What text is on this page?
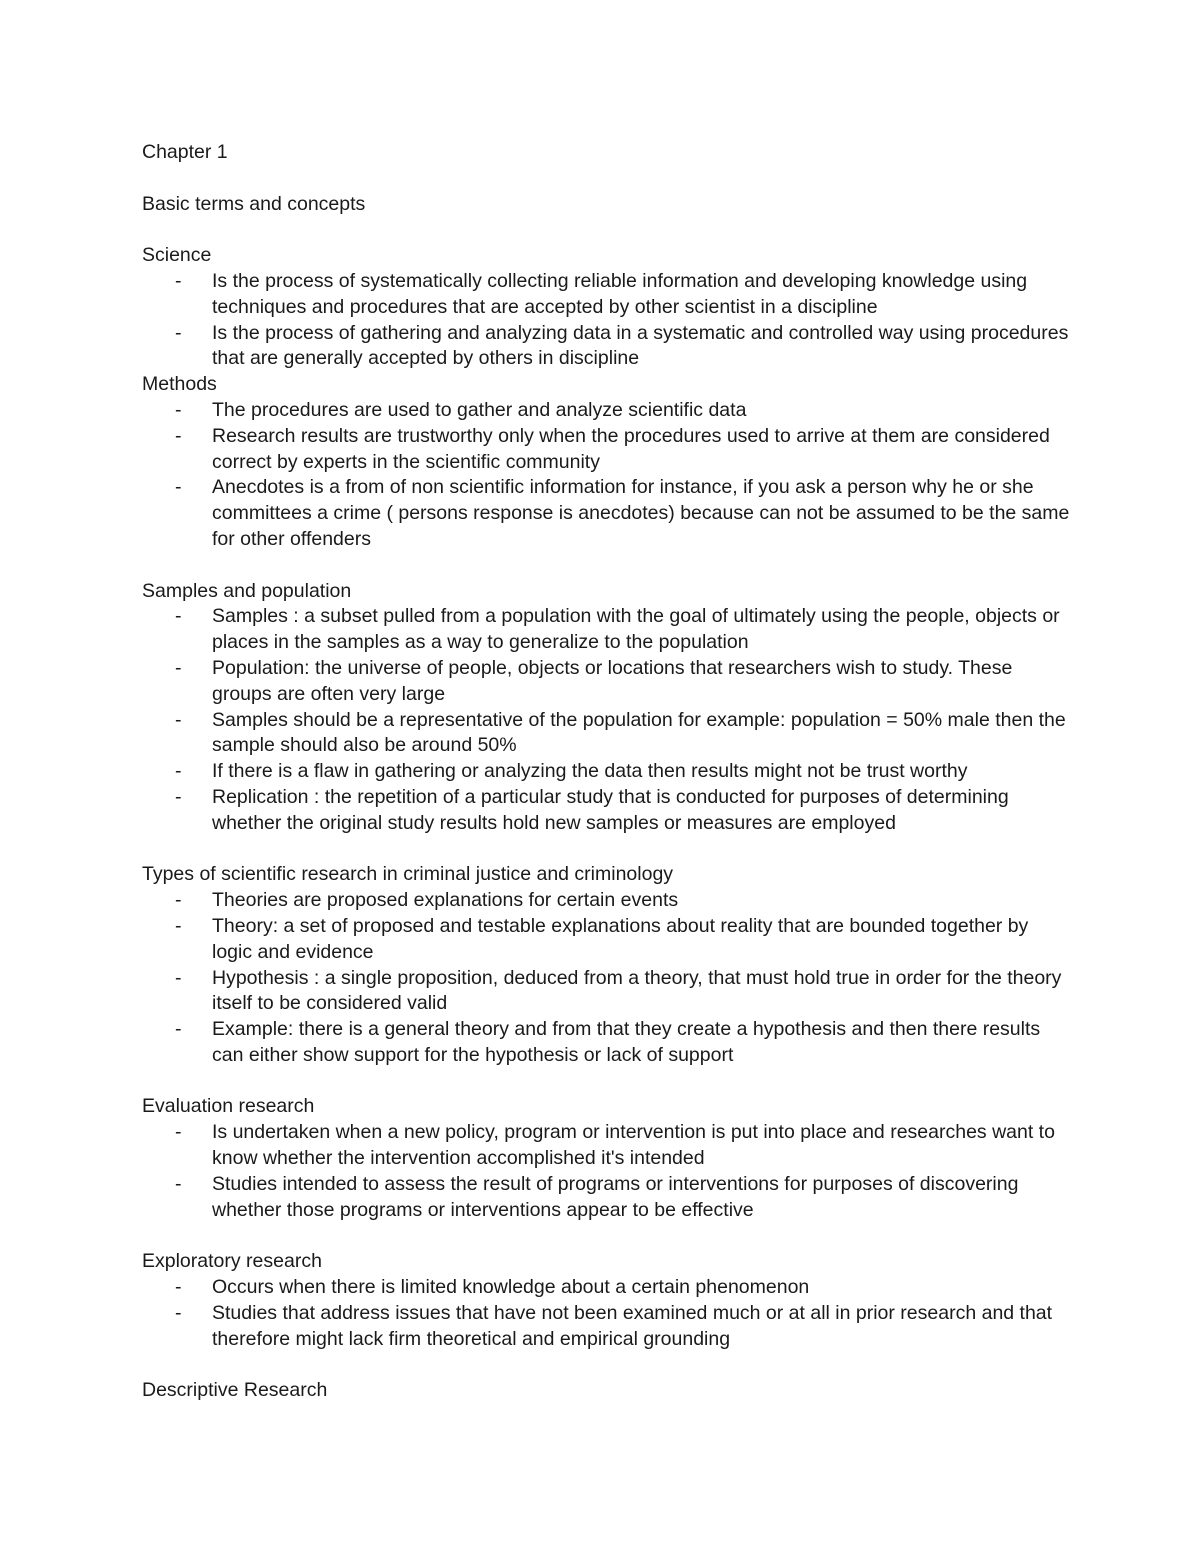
Chapter 1

Basic terms and concepts

Science

- Is the process of systematically collecting reliable information and developing knowledge using techniques and procedures that are accepted by other scientist in a discipline
- Is the process of gathering and analyzing data in a systematic and controlled way using procedures that are generally accepted by others in discipline

Methods

- The procedures are used to gather and analyze scientific data
- Research results are trustworthy only when the procedures used to arrive at them are considered correct by experts in the scientific community
- Anecdotes is a from of non scientific information for instance, if you ask a person why he or she committees a crime ( persons response is anecdotes) because can not be assumed to be the same for other offenders

Samples and population

- Samples : a subset pulled from a population with the goal of ultimately using the people, objects or places in the samples as a way to generalize to the population
- Population: the universe of people, objects or locations that researchers wish to study. These groups are often very large
- Samples should be a representative of the population for example: population = 50% male then the sample should also be around 50%
- If there is a flaw in gathering or analyzing the data then results might not be trust worthy
- Replication : the repetition of a particular study that is conducted for purposes of determining whether the original study results hold new samples or measures are employed

Types of scientific research in criminal justice and criminology

- Theories are proposed explanations for certain events
- Theory: a set of proposed and testable explanations about reality that are bounded together by logic and evidence
- Hypothesis : a single proposition, deduced from a theory, that must hold true in order for the theory itself to be considered valid
- Example: there is a general theory and from that they create a hypothesis and then there results can either show support for the hypothesis or lack of support

Evaluation research

- Is undertaken when a new policy, program or intervention is put into place and researches want to know whether the intervention accomplished it's intended
- Studies intended to assess the result of programs or interventions for purposes of discovering whether those programs or interventions appear to be effective

Exploratory research

- Occurs when there is limited knowledge about a certain phenomenon
- Studies that address issues that have not been examined much or at all in prior research and that therefore might lack firm theoretical and empirical grounding

Descriptive Research
